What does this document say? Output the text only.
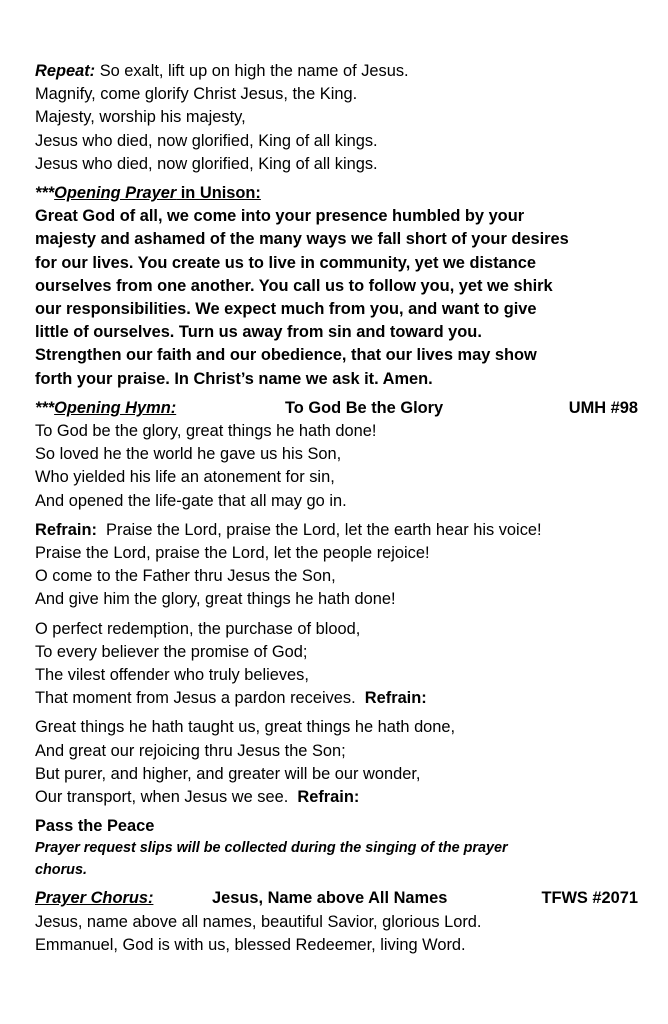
Repeat: So exalt, lift up on high the name of Jesus.
Magnify, come glorify Christ Jesus, the King.
Majesty, worship his majesty,
Jesus who died, now glorified, King of all kings.
Jesus who died, now glorified, King of all kings.
***Opening Prayer in Unison:
Great God of all, we come into your presence humbled by your
majesty and ashamed of the many ways we fall short of your desires
for our lives. You create us to live in community, yet we distance
ourselves from one another. You call us to follow you, yet we shirk
our responsibilities. We expect much from you, and want to give
little of ourselves. Turn us away from sin and toward you.
Strengthen our faith and our obedience, that our lives may show
forth your praise. In Christ’s name we ask it. Amen.
***Opening Hymn:	To God Be the Glory	UMH #98
To God be the glory, great things he hath done!
So loved he the world he gave us his Son,
Who yielded his life an atonement for sin,
And opened the life-gate that all may go in.
Refrain: Praise the Lord, praise the Lord, let the earth hear his voice!
Praise the Lord, praise the Lord, let the people rejoice!
O come to the Father thru Jesus the Son,
And give him the glory, great things he hath done!
O perfect redemption, the purchase of blood,
To every believer the promise of God;
The vilest offender who truly believes,
That moment from Jesus a pardon receives. Refrain:
Great things he hath taught us, great things he hath done,
And great our rejoicing thru Jesus the Son;
But purer, and higher, and greater will be our wonder,
Our transport, when Jesus we see. Refrain:
Pass the Peace
Prayer request slips will be collected during the singing of the prayer
chorus.
Prayer Chorus:	Jesus, Name above All Names	TFWS #2071
Jesus, name above all names, beautiful Savior, glorious Lord.
Emmanuel, God is with us, blessed Redeemer, living Word.
